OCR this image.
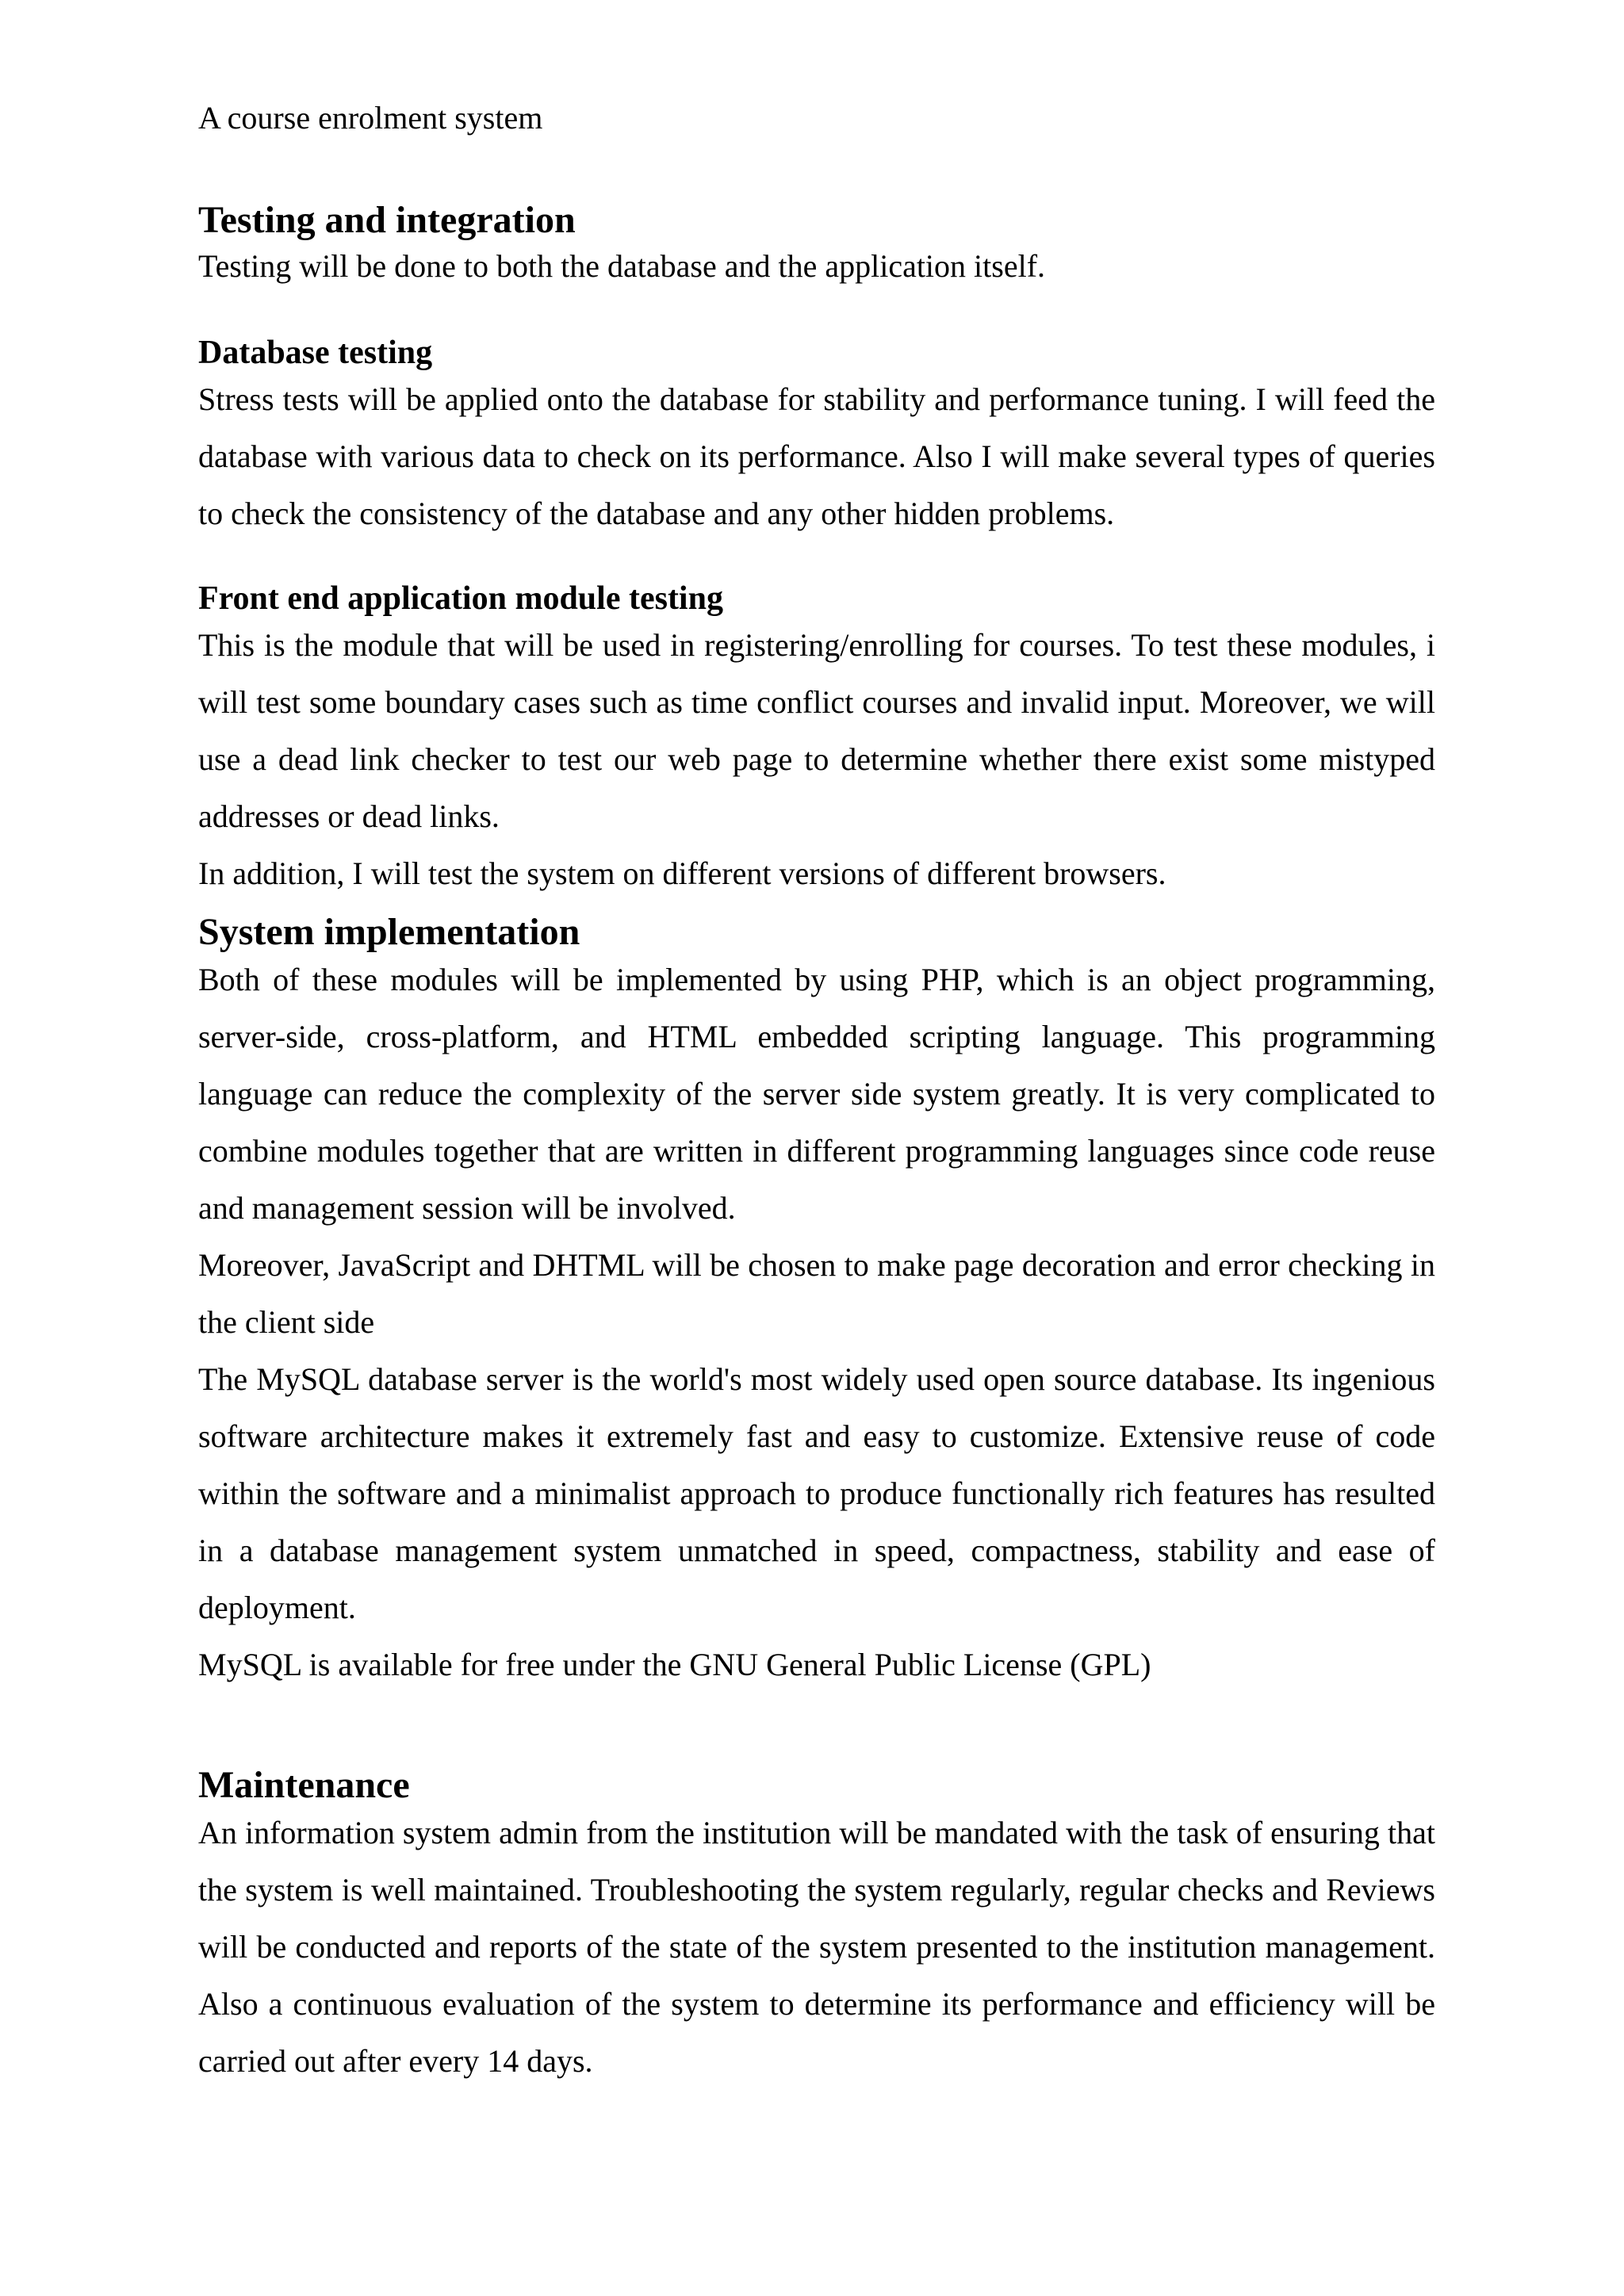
A course enrolment system
Testing and integration

Testing will be done to both the database and the application itself.

Database testing

Stress tests will be applied onto the database for stability and performance tuning. I will feed the database with various data to check on its performance. Also I will make several types of queries to check the consistency of the database and any other hidden problems.

Front end application module testing

This is the module that will be used in registering/enrolling for courses. To test these modules, i will test some boundary cases such as time conflict courses and invalid input. Moreover, we will use a dead link checker to test our web page to determine whether there exist some mistyped addresses or dead links.

In addition, I will test the system on different versions of different browsers.

System implementation

Both of these modules will be implemented by using PHP, which is an object programming, server-side, cross-platform, and HTML embedded scripting language. This programming language can reduce the complexity of the server side system greatly. It is very complicated to combine modules together that are written in different programming languages since code reuse and management session will be involved.

Moreover, JavaScript and DHTML will be chosen to make page decoration and error checking in the client side

The MySQL database server is the world's most widely used open source database. Its ingenious software architecture makes it extremely fast and easy to customize. Extensive reuse of code within the software and a minimalist approach to produce functionally rich features has resulted in a database management system unmatched in speed, compactness, stability and ease of deployment.

MySQL is available for free under the GNU General Public License (GPL)

Maintenance

An information system admin from the institution will be mandated with the task of ensuring that the system is well maintained. Troubleshooting the system regularly, regular checks and Reviews will be conducted and reports of the state of the system presented to the institution management. Also a continuous evaluation of the system to determine its performance and efficiency will be carried out after every 14 days.
